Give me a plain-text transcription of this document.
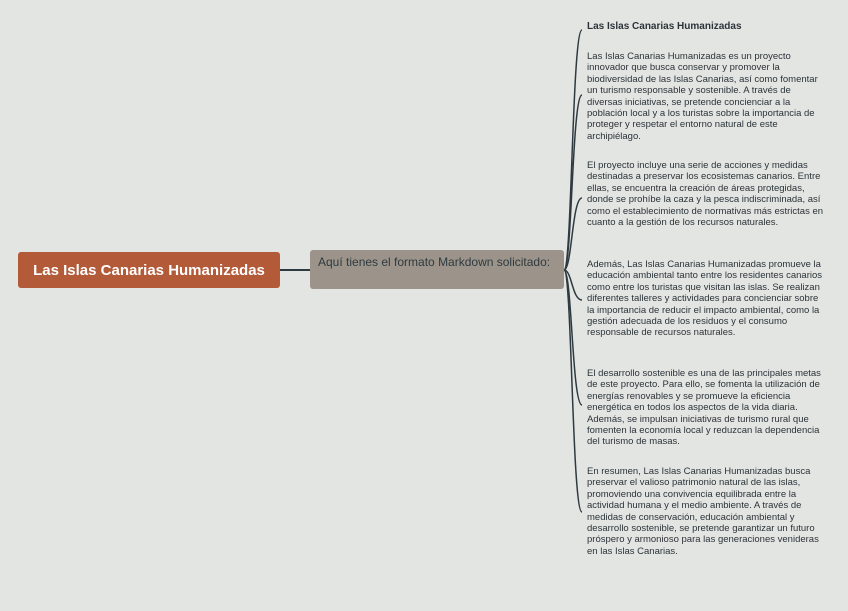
Las Islas Canarias Humanizadas	Aquí tienes el formato Markdown solicitado:
Las Islas Canarias Humanizadas
Las Islas Canarias Humanizadas es un proyecto innovador que busca conservar y promover la biodiversidad de las Islas Canarias, así como fomentar un turismo responsable y sostenible. A través de diversas iniciativas, se pretende concienciar a la población local y a los turistas sobre la importancia de proteger y respetar el entorno natural de este archipiélago.
El proyecto incluye una serie de acciones y medidas destinadas a preservar los ecosistemas canarios. Entre ellas, se encuentra la creación de áreas protegidas, donde se prohíbe la caza y la pesca indiscriminada, así como el establecimiento de normativas más estrictas en cuanto a la gestión de los recursos naturales.
Además, Las Islas Canarias Humanizadas promueve la educación ambiental tanto entre los residentes canarios como entre los turistas que visitan las islas. Se realizan diferentes talleres y actividades para concienciar sobre la importancia de reducir el impacto ambiental, como la gestión adecuada de los residuos y el consumo responsable de recursos naturales.
El desarrollo sostenible es una de las principales metas de este proyecto. Para ello, se fomenta la utilización de energías renovables y se promueve la eficiencia energética en todos los aspectos de la vida diaria. Además, se impulsan iniciativas de turismo rural que fomenten la economía local y reduzcan la dependencia del turismo de masas.
En resumen, Las Islas Canarias Humanizadas busca preservar el valioso patrimonio natural de las islas, promoviendo una convivencia equilibrada entre la actividad humana y el medio ambiente. A través de medidas de conservación, educación ambiental y desarrollo sostenible, se pretende garantizar un futuro próspero y armonioso para las generaciones venideras en las Islas Canarias.
